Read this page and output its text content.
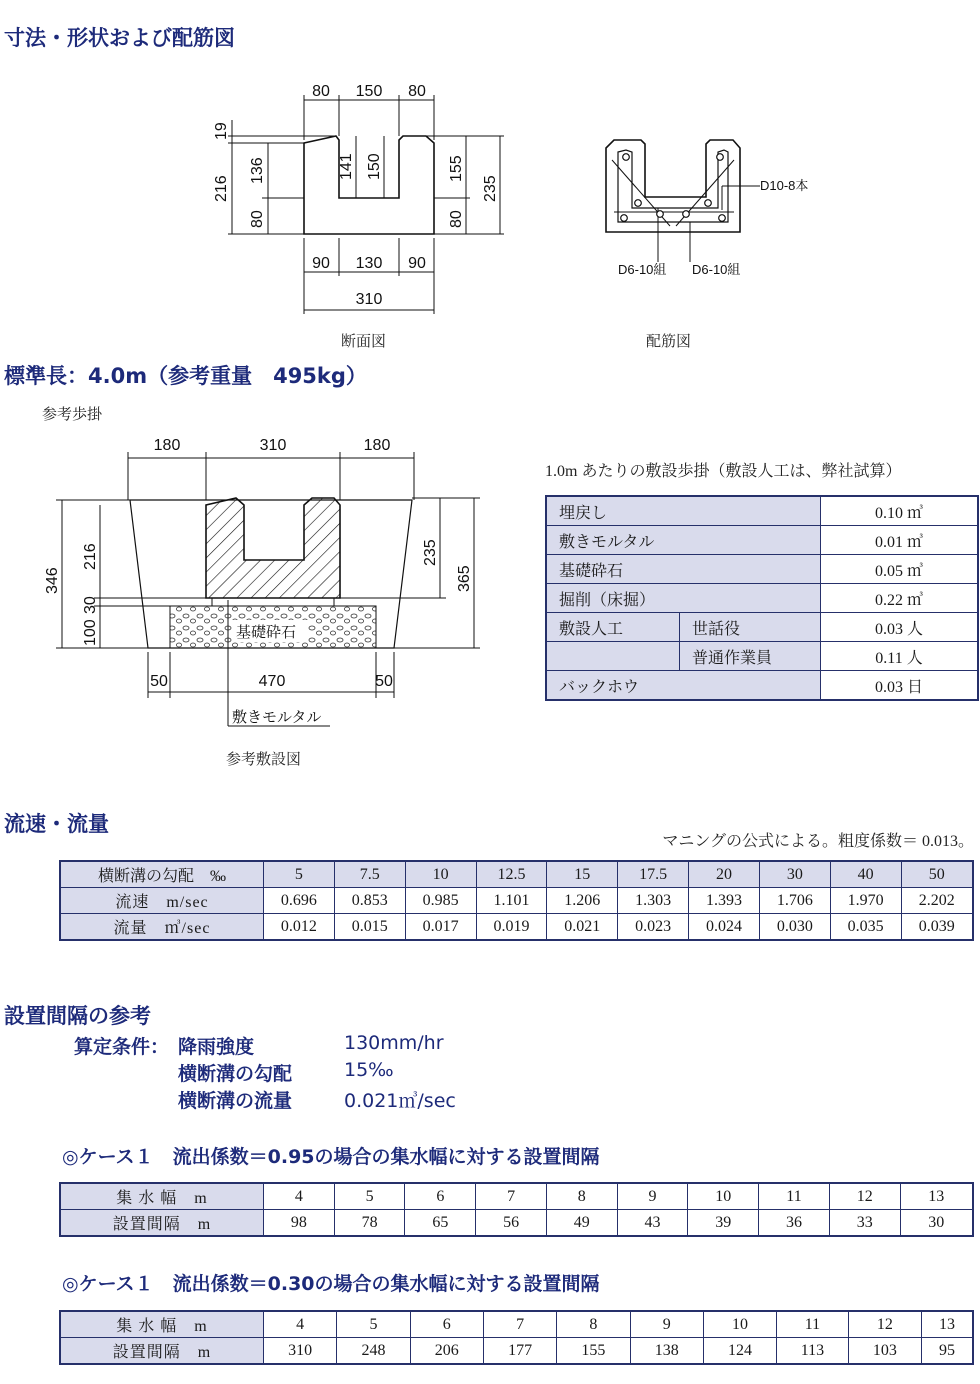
寸法・形状および配筋図
標準長：4.0m（参考重量　495kg）
流速・流量
設置間隔の参考
80 150 80
90 130 90
310
19
216
136
80
141 150	155
80
235
断面図
D10-8本
D6-10組 D6-10組
配筋図
参考歩掛
基礎砕石
180	310	180
50	470	50
346
216
100
30
235
365
敷きモルタル
参考敷設図
1.0m あたりの敷設歩掛（敷設人工は、弊社試算）
埋戻し		0.10 ㎥
敷きモルタル		0.01 ㎥
基礎砕石		0.05 ㎥
掘削（床掘）		0.22 ㎥
敷設人工	世話役	0.03 人
	普通作業員	0.11 人
バックホウ		0.03 日
マニングの公式による。粗度係数＝ 0.013。
横断溝の勾配　‰	5	7.5	10	12.5	15	17.5	20	30	40	50
流速　m/sec	0.696	0.853	0.985	1.101	1.206	1.303	1.393	1.706	1.970	2.202
流量　㎥/sec	0.012	0.015	0.017	0.019	0.021	0.023	0.024	0.030	0.035	0.039
算定条件： 降雨強度	130mm/hr
横断溝の勾配	15‰
横断溝の流量	0.021㎥/sec
◎ケース１　流出係数＝0.95の場合の集水幅に対する設置間隔
集 水 幅　m	4	5	6	7	8	9	10	11	12	13
設置間隔　m	98	78	65	56	49	43	39	36	33	30
◎ケース１　流出係数＝0.30の場合の集水幅に対する設置間隔
集 水 幅　m	4	5	6	7	8	9	10	11	12	13
設置間隔　m	310	248	206	177	155	138	124	113	103	95
